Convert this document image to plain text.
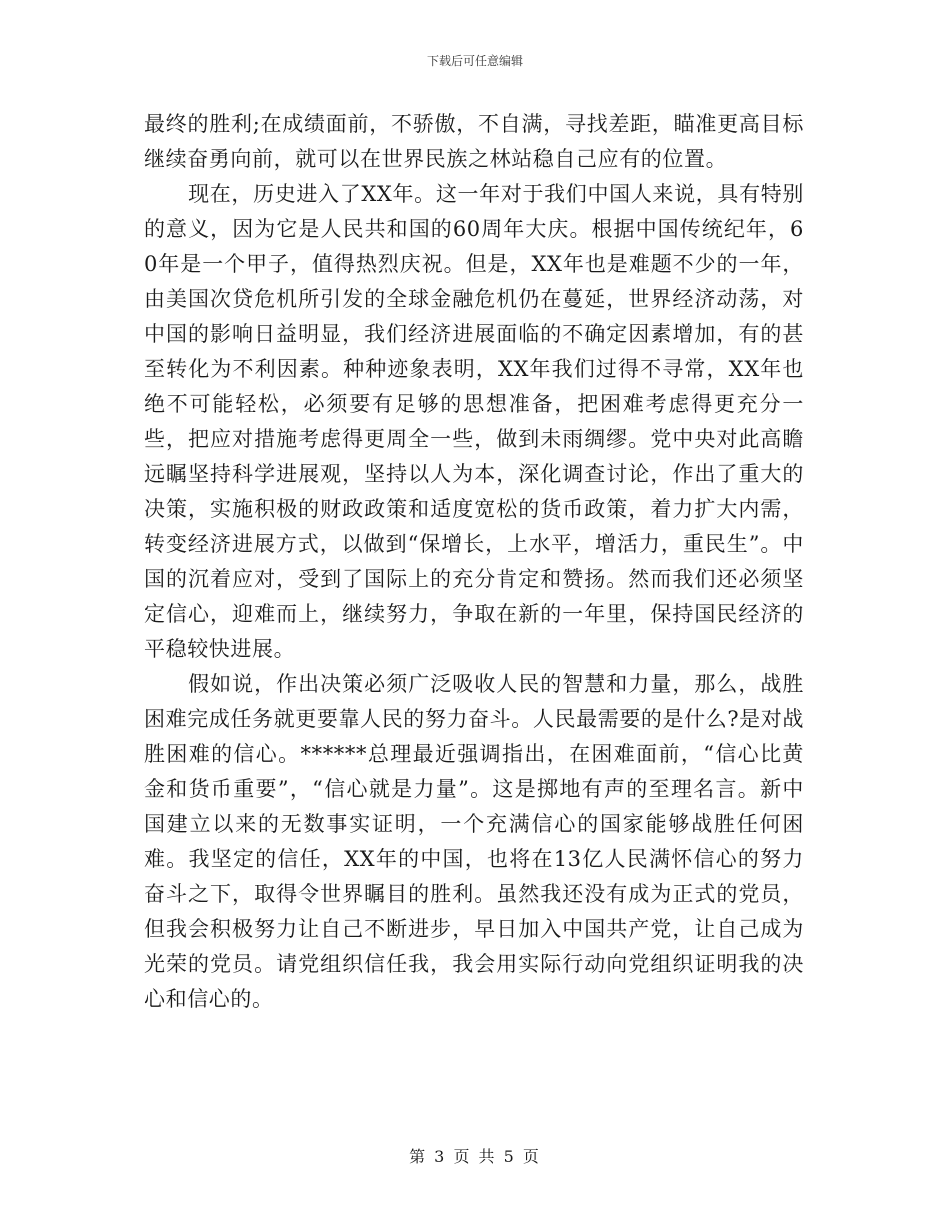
下载后可任意编辑

最终的胜利;在成绩面前，不骄傲，不自满，寻找差距，瞄准更高目标继续奋勇向前，就可以在世界民族之林站稳自己应有的位置。

现在，历史进入了XX年。这一年对于我们中国人来说，具有特别的意义，因为它是人民共和国的60周年大庆。根据中国传统纪年，60年是一个甲子，值得热烈庆祝。但是，XX年也是难题不少的一年，由美国次贷危机所引发的全球金融危机仍在蔓延，世界经济动荡，对中国的影响日益明显，我们经济进展面临的不确定因素增加，有的甚至转化为不利因素。种种迹象表明，XX年我们过得不寻常，XX年也绝不可能轻松，必须要有足够的思想准备，把困难考虑得更充分一些，把应对措施考虑得更周全一些，做到未雨绸缪。党中央对此高瞻远瞩坚持科学进展观，坚持以人为本，深化调查讨论，作出了重大的决策，实施积极的财政政策和适度宽松的货币政策，着力扩大内需，转变经济进展方式，以做到“保增长，上水平，增活力，重民生”。中国的沉着应对，受到了国际上的充分肯定和赞扬。然而我们还必须坚定信心，迎难而上，继续努力，争取在新的一年里，保持国民经济的平稳较快进展。

假如说，作出决策必须广泛吸收人民的智慧和力量，那么，战胜困难完成任务就更要靠人民的努力奋斗。人民最需要的是什么?是对战胜困难的信心。******总理最近强调指出，在困难面前，“信心比黄金和货币重要”，“信心就是力量”。这是掷地有声的至理名言。新中国建立以来的无数事实证明，一个充满信心的国家能够战胜任何困难。我坚定的信任，XX年的中国，也将在13亿人民满怀信心的努力奋斗之下，取得令世界瞩目的胜利。虽然我还没有成为正式的党员，但我会积极努力让自己不断进步，早日加入中国共产党，让自己成为光荣的党员。请党组织信任我，我会用实际行动向党组织证明我的决心和信心的。

第 3 页 共 5 页
